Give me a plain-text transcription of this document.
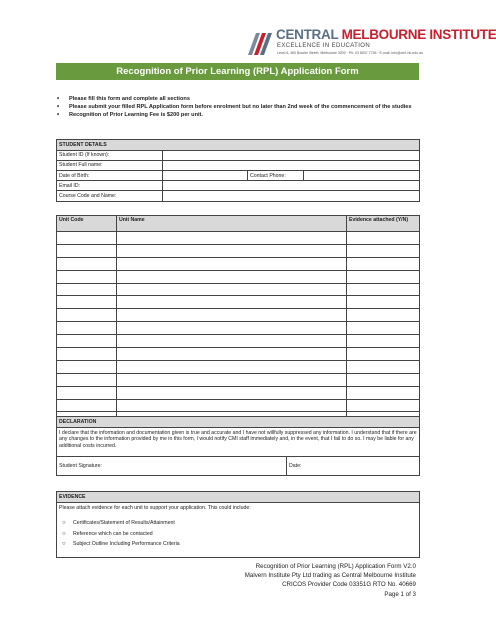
CENTRAL MELBOURNE INSTITUTE
EXCELLENCE IN EDUCATION
Level 6, 460 Bourke Street, Melbourne 3000 · Ph: 03 8637 7736 · E-mail: info@cmi.vic.edu.au
Recognition of Prior Learning (RPL) Application Form
• Please fill this form and complete all sections
• Please submit your filled RPL Application form before enrolment but no later than 2nd week of the commencement of the studies
• Recognition of Prior Learning Fee is $200 per unit.
STUDENT DETAILS			
Student ID (If known):			
Student Full name:			
Date of Birth:		Contact Phone:	
Email ID:			
Course Code and Name:			
Unit Code	Unit Name	Evidence attached (Y/N)

DECLARATION
I declare that the information and documentation given is true and accurate and I have not willfully suppressed any information. I understand that if there are any changes to the information provided by me in this form, I would notify CMI staff immediately and, in the event, that I fail to do so. I may be liable for any additional costs incurred.
Student Signature:	Date:
EVIDENCE

Please attach evidence for each unit to support your application. This could include:
○ Certificates/Statement of Results/Attainment
○ Reference which can be contacted
○ Subject Outline Including Performance Criteria
Recognition of Prior Learning (RPL) Application Form V2.0
Malvern Institute Pty Ltd trading as Central Melbourne Institute
CRICOS Provider Code 03351G RTO No. 40669
Page 1 of 3
